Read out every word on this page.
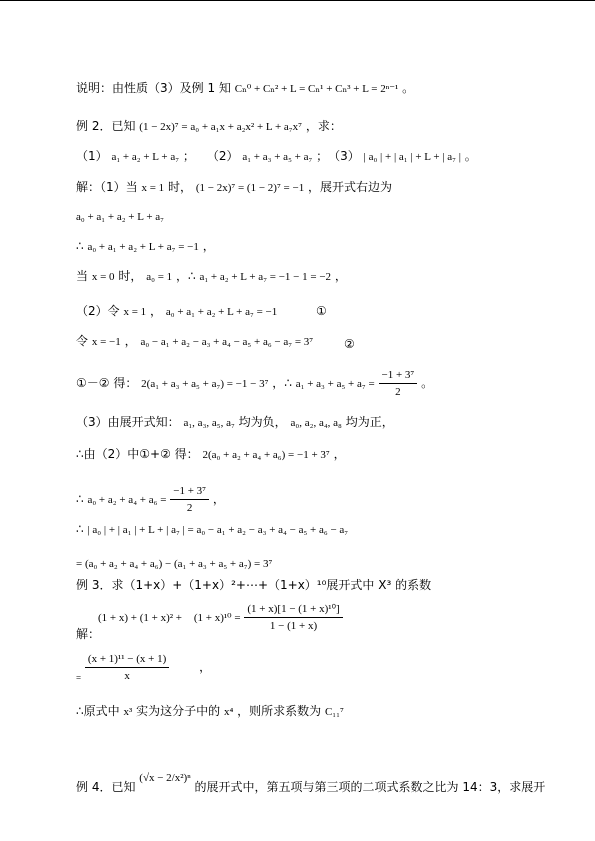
说明：由性质（3）及例 1 知 Cₙ⁰ + Cₙ² + L = Cₙ¹ + Cₙ³ + L = 2ⁿ⁻¹ 。
例 2．已知 (1 − 2x)⁷ = a₀ + a₁x + a₂x² + L + a₇x⁷ ，求：
（1） a₁ + a₂ + L + a₇ ；　　（2） a₁ + a₃ + a₅ + a₇ ；　（3） | a₀ | + | a₁ | + L + | a₇ | 。
解：（1）当 x = 1 时， (1 − 2x)⁷ = (1 − 2)⁷ = −1 ，展开式右边为
a₀ + a₁ + a₂ + L + a₇
∴ a₀ + a₁ + a₂ + L + a₇ = −1 ，
当 x = 0 时， a₀ = 1 ，∴ a₁ + a₂ + L + a₇ = −1 − 1 = −2 ，
（2）令 x = 1 ， a₀ + a₁ + a₂ + L + a₇ = −1	①
令 x = −1 ， a₀ − a₁ + a₂ − a₃ + a₄ − a₅ + a₆ − a₇ = 3⁷	②
①－② 得： 2(a₁ + a₃ + a₅ + a₇) = −1 − 3⁷ ，∴ $a_1 + a_3 + a_5 + a_7 = \frac{\text{−1 + 3⁷}}{2}$ 。
（3）由展开式知： a₁, a₃, a₅, a₇ 均为负， a₀, a₂, a₄, a₈ 均为正，
∴由（2）中①+② 得： 2(a₀ + a₂ + a₄ + a₆) = −1 + 3⁷ ，
∴ $a_0 + a_2 + a_4 + a_6 = \frac{\text{−1 + 3⁷}}{2}$ ，
∴ | a₀ | + | a₁ | + L + | a₇ | = a₀ − a₁ + a₂ − a₃ + a₄ − a₅ + a₆ − a₇
= (a₀ + a₂ + a₄ + a₆) − (a₁ + a₃ + a₅ + a₇) = 3⁷
例 3．求（1+x）+（1+x）²+⋯+（1+x）¹⁰展开式中 X³ 的系数
$(1 + x) + (1 + x)^2 + (1 + x)^{10} = \frac{\text{(1 + x)[1 − (1 + x)¹⁰]}}{1 - (1 + x)}$
解：
$_= \frac{\text{(x + 1)¹¹ − (x + 1)}}{x}$ ，
∴原式中 x³ 实为这分子中的 x⁴ ，则所求系数为 C₁₁⁷
例 4．已知 (√x − 2/x²)ⁿ 的展开式中，第五项与第三项的二项式系数之比为 14：3，求展开
